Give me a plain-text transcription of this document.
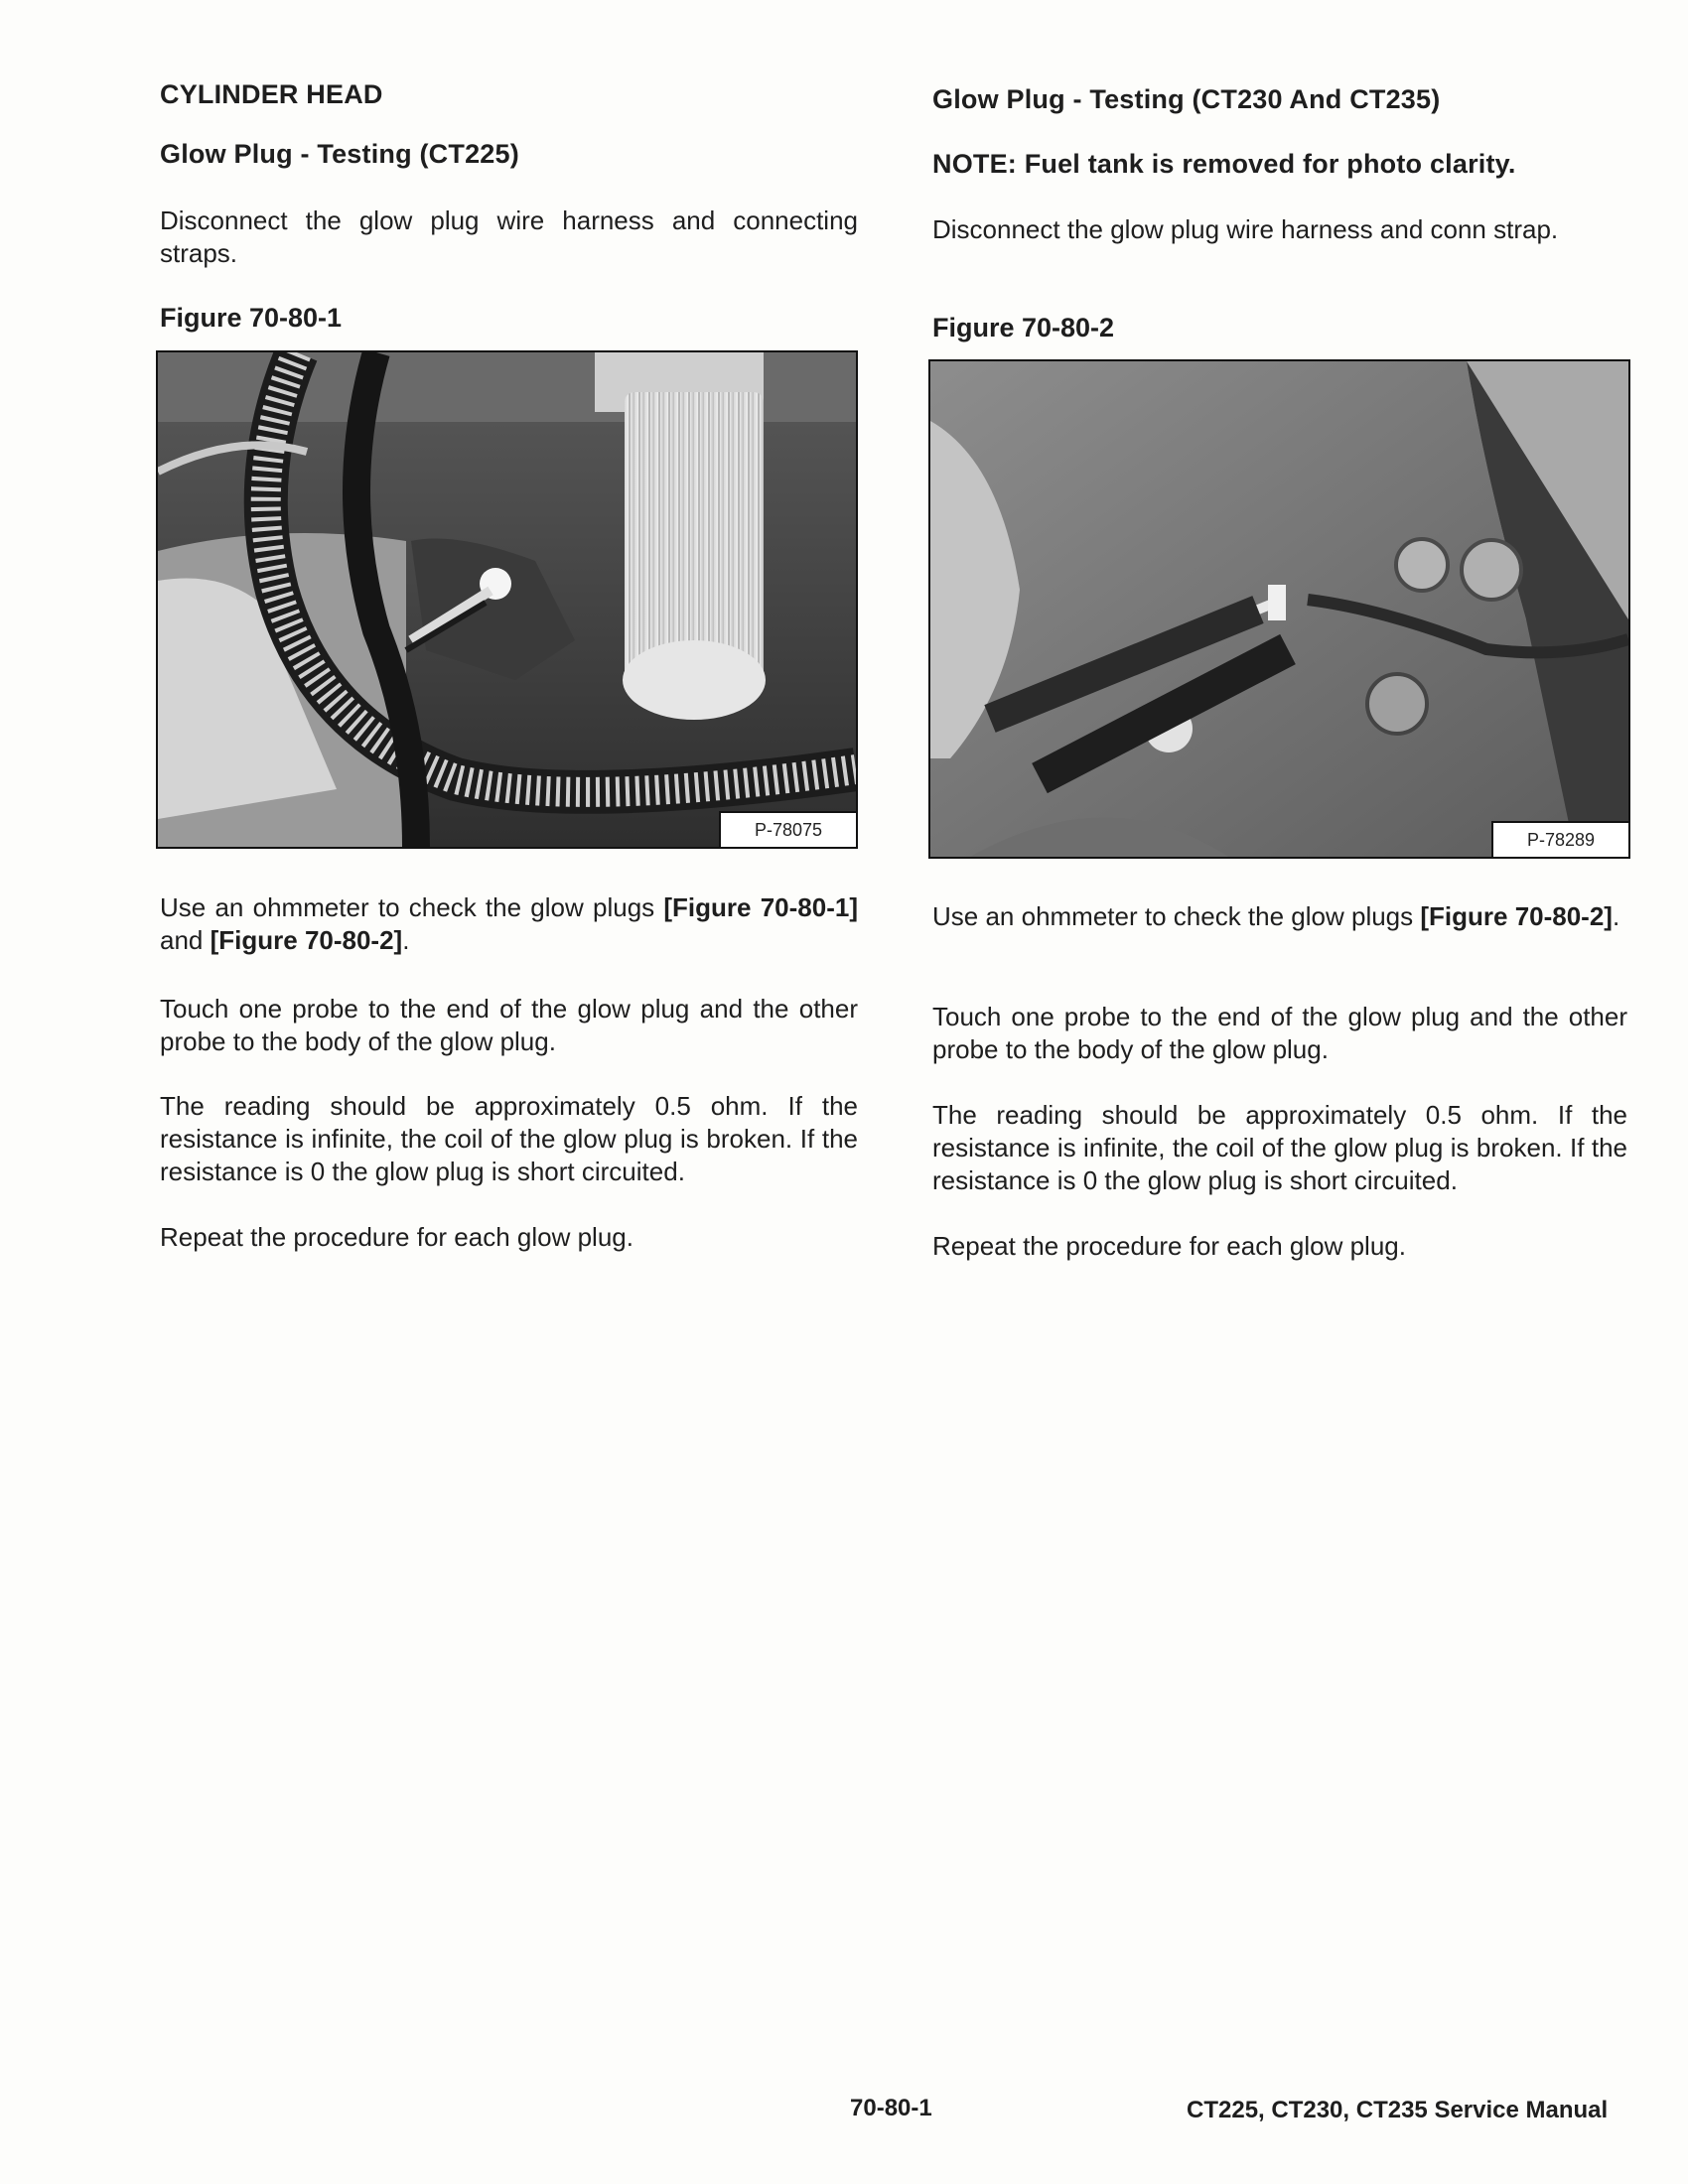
CYLINDER HEAD
Glow Plug - Testing (CT225)
Disconnect the glow plug wire harness and connecting straps.
Figure 70-80-1
P-78075
Use an ohmmeter to check the glow plugs [Figure 70-80-1] and [Figure 70-80-2].
Touch one probe to the end of the glow plug and the other probe to the body of the glow plug.
The reading should be approximately 0.5 ohm. If the resistance is infinite, the coil of the glow plug is broken. If the resistance is 0 the glow plug is short circuited.
Repeat the procedure for each glow plug.
Glow Plug - Testing (CT230 And CT235)
NOTE: Fuel tank is removed for photo clarity.
Disconnect the glow plug wire harness and conn strap.
Figure 70-80-2
P-78289
Use an ohmmeter to check the glow plugs [Figure 70-80-2].
Touch one probe to the end of the glow plug and the other probe to the body of the glow plug.
The reading should be approximately 0.5 ohm. If the resistance is infinite, the coil of the glow plug is broken. If the resistance is 0 the glow plug is short circuited.
Repeat the procedure for each glow plug.
70-80-1	CT225, CT230, CT235 Service Manual
